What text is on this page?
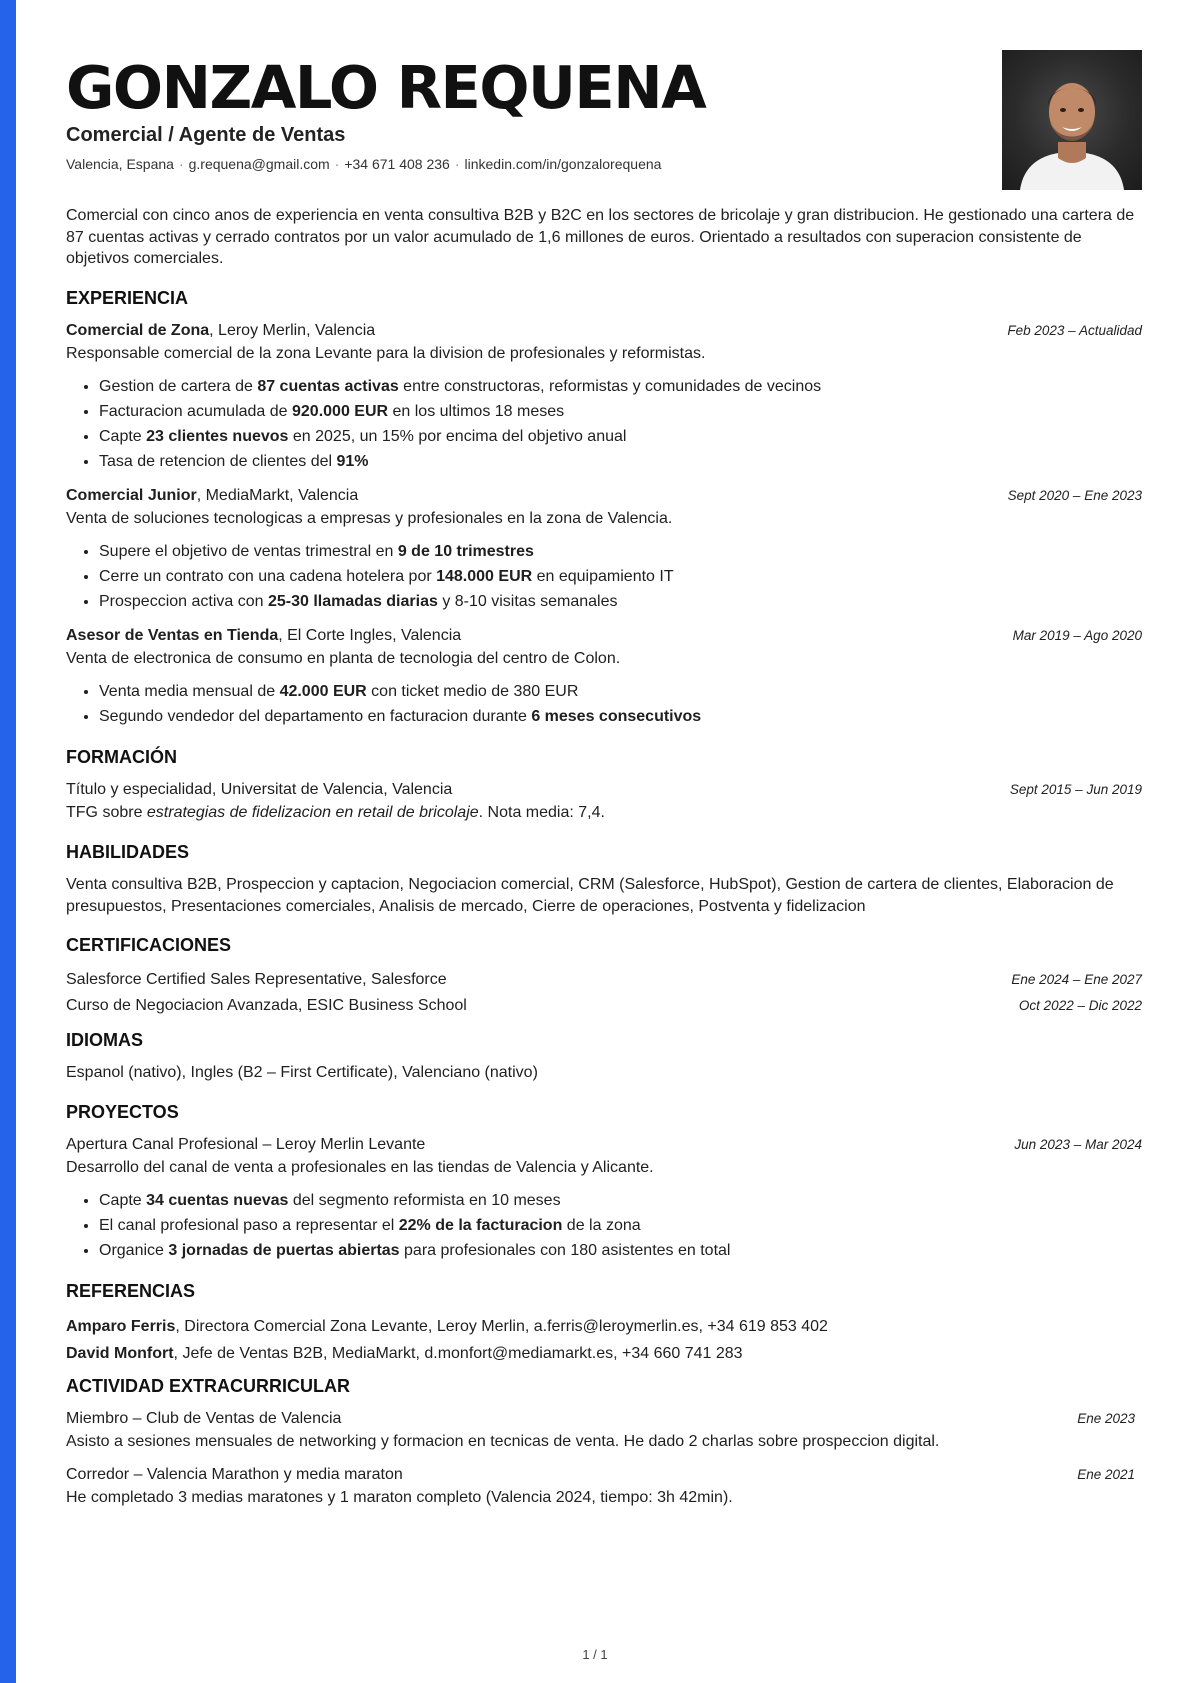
GONZALO REQUENA
Comercial / Agente de Ventas
Valencia, Espana · g.requena@gmail.com · +34 671 408 236 · linkedin.com/in/gonzalorequena

Comercial con cinco anos de experiencia en venta consultiva B2B y B2C en los sectores de bricolaje y gran distribucion. He gestionado una cartera de 87 cuentas activas y cerrado contratos por un valor acumulado de 1,6 millones de euros. Orientado a resultados con superacion consistente de objetivos comerciales.

EXPERIENCIA
Comercial de Zona, Leroy Merlin, Valencia	Feb 2023 – Actualidad

Responsable comercial de la zona Levante para la division de profesionales y reformistas.

• Gestion de cartera de 87 cuentas activas entre constructoras, reformistas y comunidades de vecinos
• Facturacion acumulada de 920.000 EUR en los ultimos 18 meses
• Capte 23 clientes nuevos en 2025, un 15% por encima del objetivo anual
• Tasa de retencion de clientes del 91%
Comercial Junior, MediaMarkt, Valencia	Sept 2020 – Ene 2023

Venta de soluciones tecnologicas a empresas y profesionales en la zona de Valencia.

• Supere el objetivo de ventas trimestral en 9 de 10 trimestres
• Cerre un contrato con una cadena hotelera por 148.000 EUR en equipamiento IT
• Prospeccion activa con 25-30 llamadas diarias y 8-10 visitas semanales
Asesor de Ventas en Tienda, El Corte Ingles, Valencia	Mar 2019 – Ago 2020

Venta de electronica de consumo en planta de tecnologia del centro de Colon.

• Venta media mensual de 42.000 EUR con ticket medio de 380 EUR
• Segundo vendedor del departamento en facturacion durante 6 meses consecutivos
FORMACIÓN
Título y especialidad, Universitat de Valencia, Valencia	Sept 2015 – Jun 2019

TFG sobre estrategias de fidelizacion en retail de bricolaje. Nota media: 7,4.

HABILIDADES

Venta consultiva B2B, Prospeccion y captacion, Negociacion comercial, CRM (Salesforce, HubSpot), Gestion de cartera de clientes, Elaboracion de presupuestos, Presentaciones comerciales, Analisis de mercado, Cierre de operaciones, Postventa y fidelizacion

CERTIFICACIONES
Salesforce Certified Sales Representative, Salesforce	Ene 2024 – Ene 2027
Curso de Negociacion Avanzada, ESIC Business School	Oct 2022 – Dic 2022
IDIOMAS

Espanol (nativo), Ingles (B2 – First Certificate), Valenciano (nativo)

PROYECTOS
Apertura Canal Profesional – Leroy Merlin Levante	Jun 2023 – Mar 2024

Desarrollo del canal de venta a profesionales en las tiendas de Valencia y Alicante.

• Capte 34 cuentas nuevas del segmento reformista en 10 meses
• El canal profesional paso a representar el 22% de la facturacion de la zona
• Organice 3 jornadas de puertas abiertas para profesionales con 180 asistentes en total
REFERENCIAS

Amparo Ferris, Directora Comercial Zona Levante, Leroy Merlin, a.ferris@leroymerlin.es, +34 619 853 402

David Monfort, Jefe de Ventas B2B, MediaMarkt, d.monfort@mediamarkt.es, +34 660 741 283

ACTIVIDAD EXTRACURRICULAR
Miembro – Club de Ventas de Valencia	Ene 2023

Asisto a sesiones mensuales de networking y formacion en tecnicas de venta. He dado 2 charlas sobre prospeccion digital.

Corredor – Valencia Marathon y media maraton	Ene 2021

He completado 3 medias maratones y 1 maraton completo (Valencia 2024, tiempo: 3h 42min).

1 / 1
